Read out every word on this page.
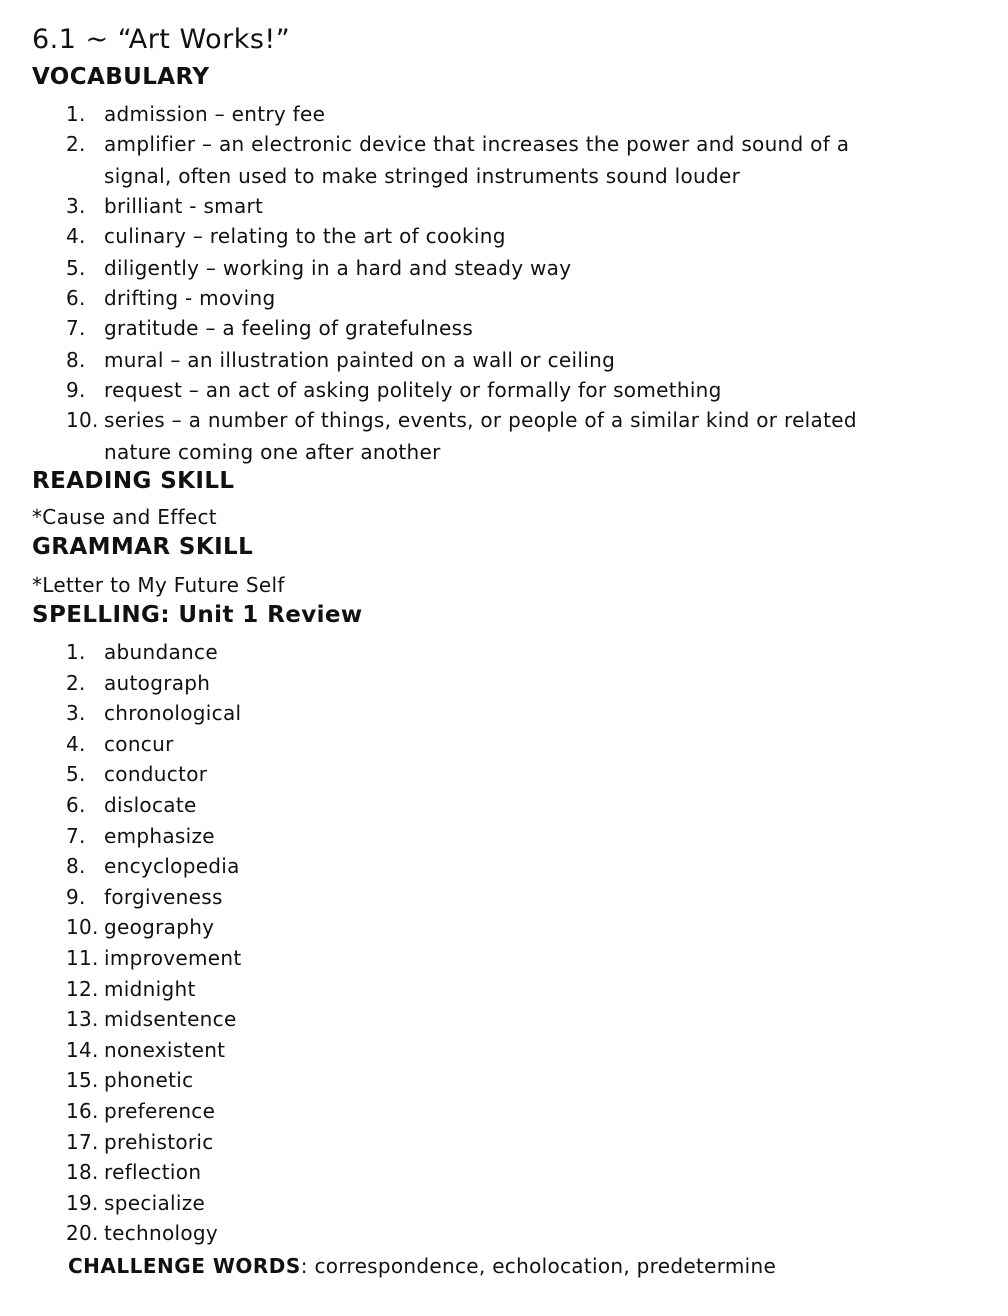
6.1 ~ “Art Works!”
VOCABULARY
1. admission – entry fee
2. amplifier – an electronic device that increases the power and sound of a
signal, often used to make stringed instruments sound louder
3. brilliant - smart
4. culinary – relating to the art of cooking
5. diligently – working in a hard and steady way
6. drifting - moving
7. gratitude – a feeling of gratefulness
8. mural – an illustration painted on a wall or ceiling
9. request – an act of asking politely or formally for something
10. series – a number of things, events, or people of a similar kind or related
nature coming one after another
READING SKILL
*Cause and Effect
GRAMMAR SKILL
*Letter to My Future Self
SPELLING: Unit 1 Review
1. abundance
2. autograph
3. chronological
4. concur
5. conductor
6. dislocate
7. emphasize
8. encyclopedia
9. forgiveness
10. geography
11. improvement
12. midnight
13. midsentence
14. nonexistent
15. phonetic
16. preference
17. prehistoric
18. reflection
19. specialize
20. technology
CHALLENGE WORDS: correspondence, echolocation, predetermine
